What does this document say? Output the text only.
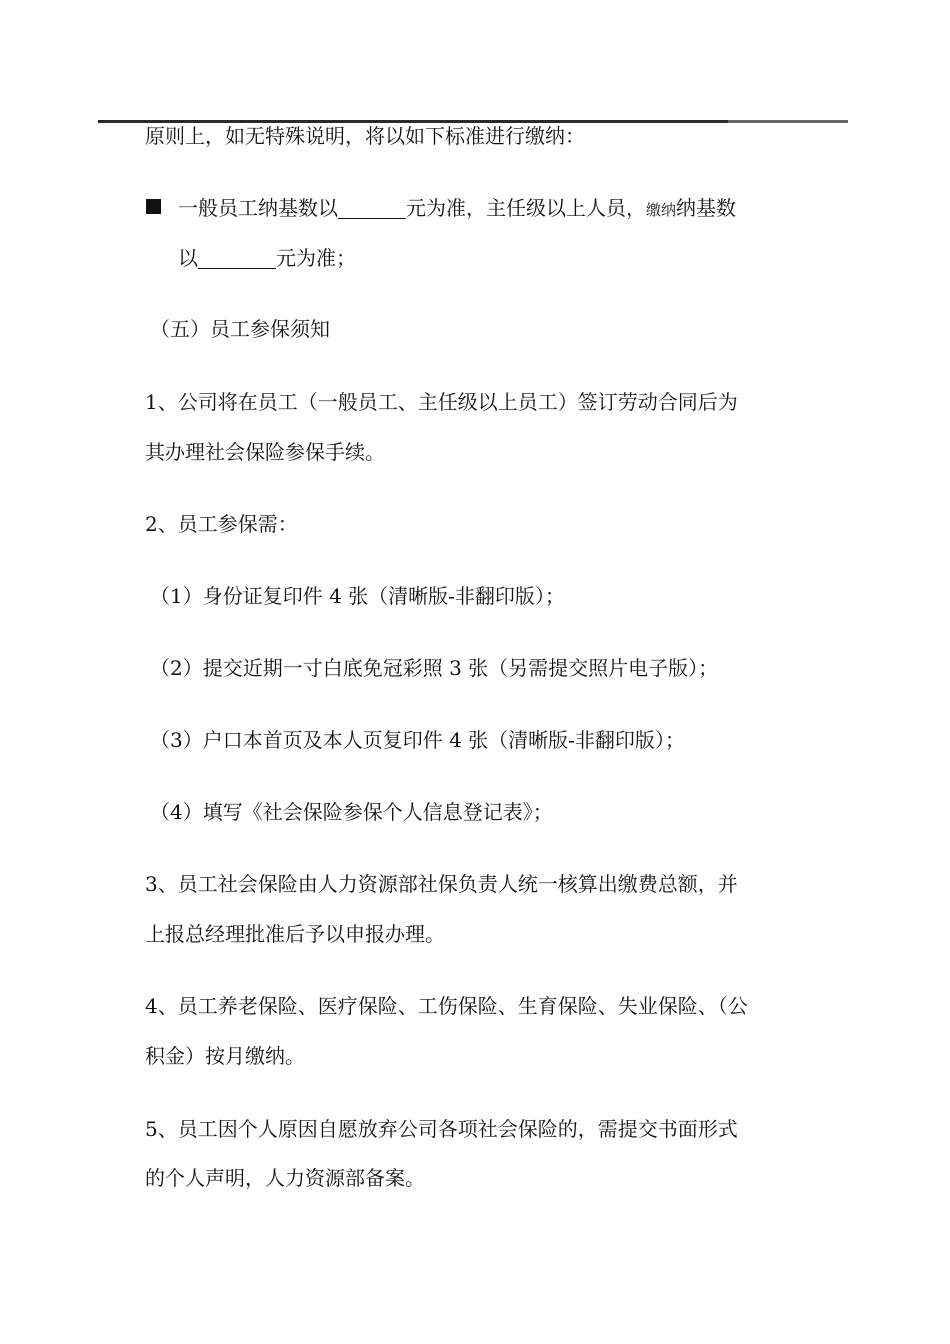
原则上，如无特殊说明，将以如下标准进行缴纳：
一般员工纳基数以	元为准，主任级以上人员，缴纳纳基数
以	元为准；
（五）员工参保须知
1、公司将在员工（一般员工、主任级以上员工）签订劳动合同后为
其办理社会保险参保手续。
2、员工参保需：
（1）身份证复印件 4 张（清晰版-非翻印版）；
（2）提交近期一寸白底免冠彩照 3 张（另需提交照片电子版）；
（3）户口本首页及本人页复印件 4 张（清晰版-非翻印版）；
（4）填写《社会保险参保个人信息登记表》；
3、员工社会保险由人力资源部社保负责人统一核算出缴费总额，并
上报总经理批准后予以申报办理。
4、员工养老保险、医疗保险、工伤保险、生育保险、失业保险、（公
积金）按月缴纳。
5、员工因个人原因自愿放弃公司各项社会保险的，需提交书面形式
的个人声明，人力资源部备案。
